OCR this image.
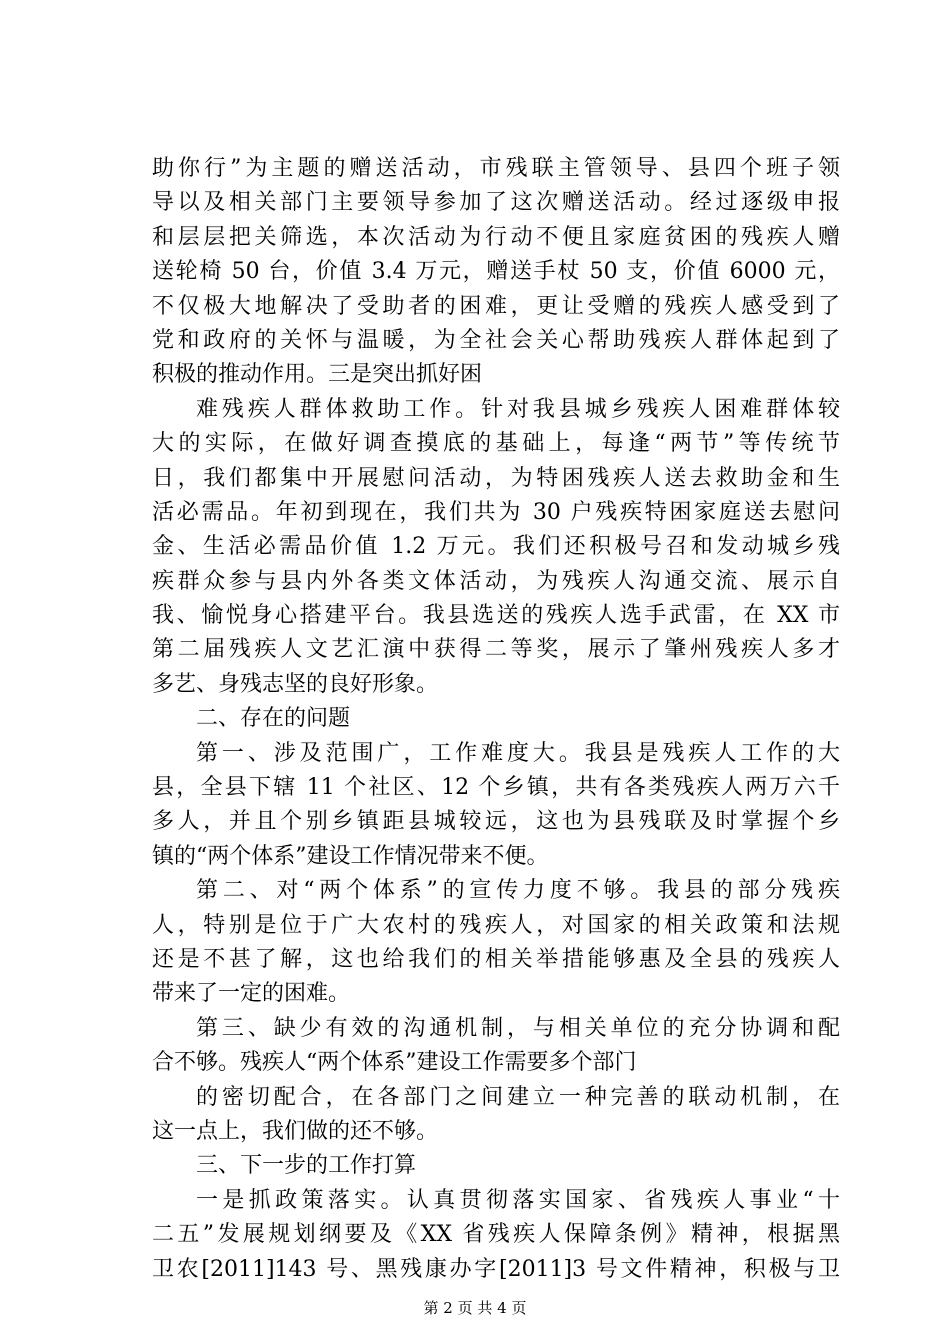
助你行”为主题的赠送活动，市残联主管领导、县四个班子领
导以及相关部门主要领导参加了这次赠送活动。经过逐级申报
和层层把关筛选，本次活动为行动不便且家庭贫困的残疾人赠
送轮椅 50 台，价值 3.4 万元，赠送手杖 50 支，价值 6000 元，
不仅极大地解决了受助者的困难，更让受赠的残疾人感受到了
党和政府的关怀与温暖，为全社会关心帮助残疾人群体起到了
积极的推动作用。三是突出抓好困
难残疾人群体救助工作。针对我县城乡残疾人困难群体较
大的实际，在做好调查摸底的基础上，每逢“两节”等传统节
日，我们都集中开展慰问活动，为特困残疾人送去救助金和生
活必需品。年初到现在，我们共为 30 户残疾特困家庭送去慰问
金、生活必需品价值 1.2 万元。我们还积极号召和发动城乡残
疾群众参与县内外各类文体活动，为残疾人沟通交流、展示自
我、愉悦身心搭建平台。我县选送的残疾人选手武雷，在 XX 市
第二届残疾人文艺汇演中获得二等奖，展示了肇州残疾人多才
多艺、身残志坚的良好形象。
二、存在的问题
第一、涉及范围广，工作难度大。我县是残疾人工作的大
县，全县下辖 11 个社区、12 个乡镇，共有各类残疾人两万六千
多人，并且个别乡镇距县城较远，这也为县残联及时掌握个乡
镇的“两个体系”建设工作情况带来不便。
第二、对“两个体系”的宣传力度不够。我县的部分残疾
人，特别是位于广大农村的残疾人，对国家的相关政策和法规
还是不甚了解，这也给我们的相关举措能够惠及全县的残疾人
带来了一定的困难。
第三、缺少有效的沟通机制，与相关单位的充分协调和配
合不够。残疾人“两个体系”建设工作需要多个部门
的密切配合，在各部门之间建立一种完善的联动机制，在
这一点上，我们做的还不够。
三、下一步的工作打算
一是抓政策落实。认真贯彻落实国家、省残疾人事业“十
二五”发展规划纲要及《XX 省残疾人保障条例》精神，根据黑
卫农[2011]143 号、黑残康办字[2011]3 号文件精神，积极与卫
第 2 页 共 4 页
